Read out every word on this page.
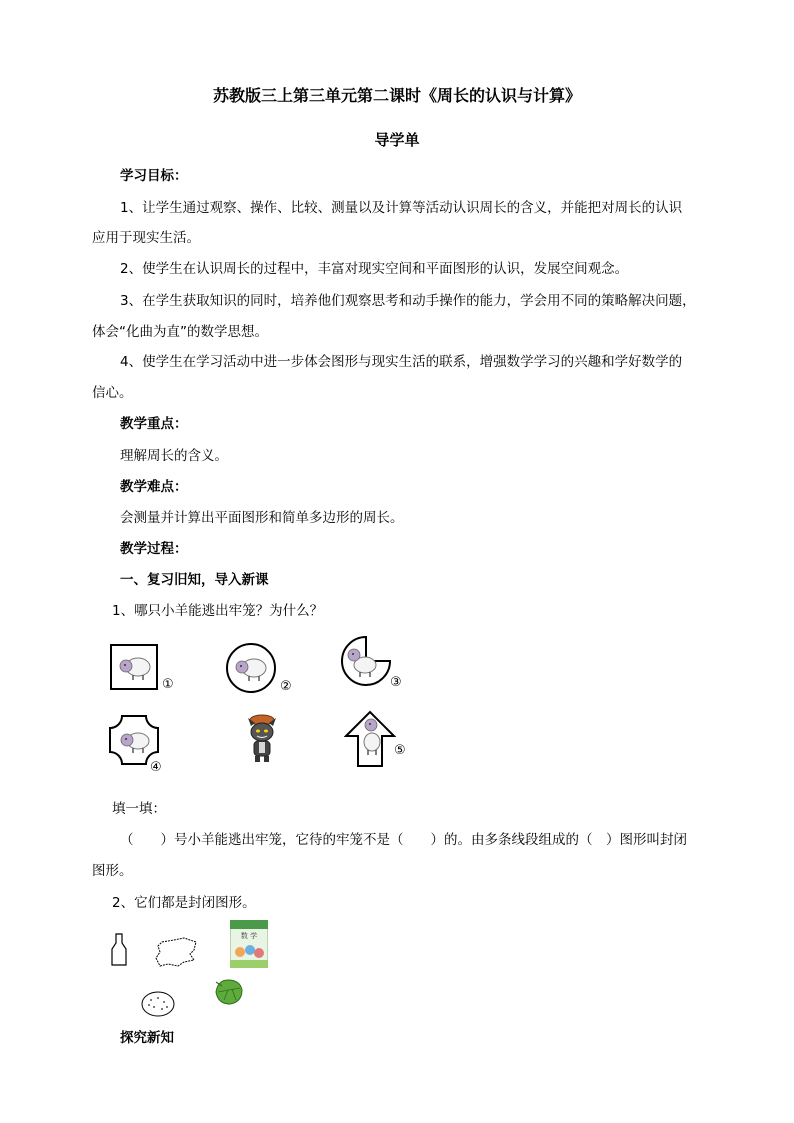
苏教版三上第三单元第二课时《周长的认识与计算》
导学单
学习目标：
1、让学生通过观察、操作、比较、测量以及计算等活动认识周长的含义，并能把对周长的认识
应用于现实生活。
2、使学生在认识周长的过程中，丰富对现实空间和平面图形的认识，发展空间观念。
3、在学生获取知识的同时，培养他们观察思考和动手操作的能力，学会用不同的策略解决问题，
体会“化曲为直”的数学思想。
4、使学生在学习活动中进一步体会图形与现实生活的联系，增强数学学习的兴趣和学好数学的
信心。
教学重点：
理解周长的含义。
教学难点：
会测量并计算出平面图形和简单多边形的周长。
教学过程：
一、复习旧知，导入新课
1、哪只小羊能逃出牢笼？为什么？
①	②	③
④
⑤
填一填：
（　　）号小羊能逃出牢笼，它待的牢笼不是（　　）的。由多条线段组成的（　）图形叫封闭
图形。
2、它们都是封闭图形。
数 学
探究新知
